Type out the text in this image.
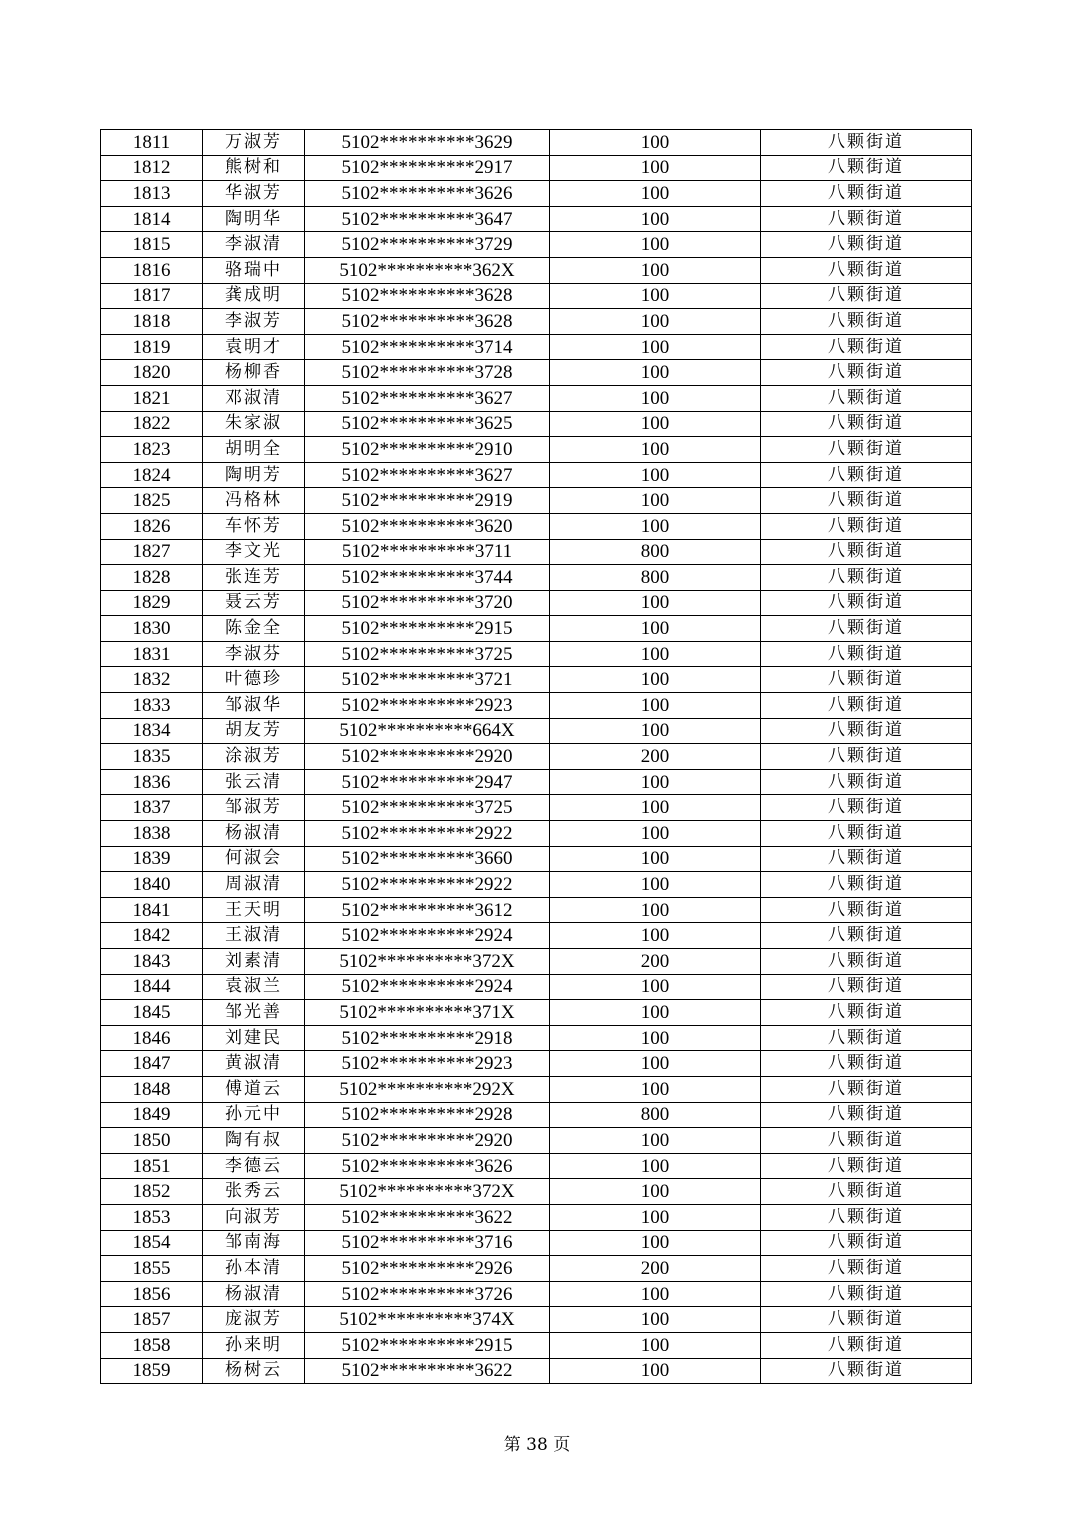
1811	万淑芳	5102**********3629	100	八颗街道
1812	熊树和	5102**********2917	100	八颗街道
1813	华淑芳	5102**********3626	100	八颗街道
1814	陶明华	5102**********3647	100	八颗街道
1815	李淑清	5102**********3729	100	八颗街道
1816	骆瑞中	5102**********362X	100	八颗街道
1817	龚成明	5102**********3628	100	八颗街道
1818	李淑芳	5102**********3628	100	八颗街道
1819	袁明才	5102**********3714	100	八颗街道
1820	杨柳香	5102**********3728	100	八颗街道
1821	邓淑清	5102**********3627	100	八颗街道
1822	朱家淑	5102**********3625	100	八颗街道
1823	胡明全	5102**********2910	100	八颗街道
1824	陶明芳	5102**********3627	100	八颗街道
1825	冯格林	5102**********2919	100	八颗街道
1826	车怀芳	5102**********3620	100	八颗街道
1827	李文光	5102**********3711	800	八颗街道
1828	张连芳	5102**********3744	800	八颗街道
1829	聂云芳	5102**********3720	100	八颗街道
1830	陈金全	5102**********2915	100	八颗街道
1831	李淑芬	5102**********3725	100	八颗街道
1832	叶德珍	5102**********3721	100	八颗街道
1833	邹淑华	5102**********2923	100	八颗街道
1834	胡友芳	5102**********664X	100	八颗街道
1835	涂淑芳	5102**********2920	200	八颗街道
1836	张云清	5102**********2947	100	八颗街道
1837	邹淑芳	5102**********3725	100	八颗街道
1838	杨淑清	5102**********2922	100	八颗街道
1839	何淑会	5102**********3660	100	八颗街道
1840	周淑清	5102**********2922	100	八颗街道
1841	王天明	5102**********3612	100	八颗街道
1842	王淑清	5102**********2924	100	八颗街道
1843	刘素清	5102**********372X	200	八颗街道
1844	袁淑兰	5102**********2924	100	八颗街道
1845	邹光善	5102**********371X	100	八颗街道
1846	刘建民	5102**********2918	100	八颗街道
1847	黄淑清	5102**********2923	100	八颗街道
1848	傅道云	5102**********292X	100	八颗街道
1849	孙元中	5102**********2928	800	八颗街道
1850	陶有叔	5102**********2920	100	八颗街道
1851	李德云	5102**********3626	100	八颗街道
1852	张秀云	5102**********372X	100	八颗街道
1853	向淑芳	5102**********3622	100	八颗街道
1854	邹南海	5102**********3716	100	八颗街道
1855	孙本清	5102**********2926	200	八颗街道
1856	杨淑清	5102**********3726	100	八颗街道
1857	庞淑芳	5102**********374X	100	八颗街道
1858	孙来明	5102**********2915	100	八颗街道
1859	杨树云	5102**********3622	100	八颗街道
第 38 页
